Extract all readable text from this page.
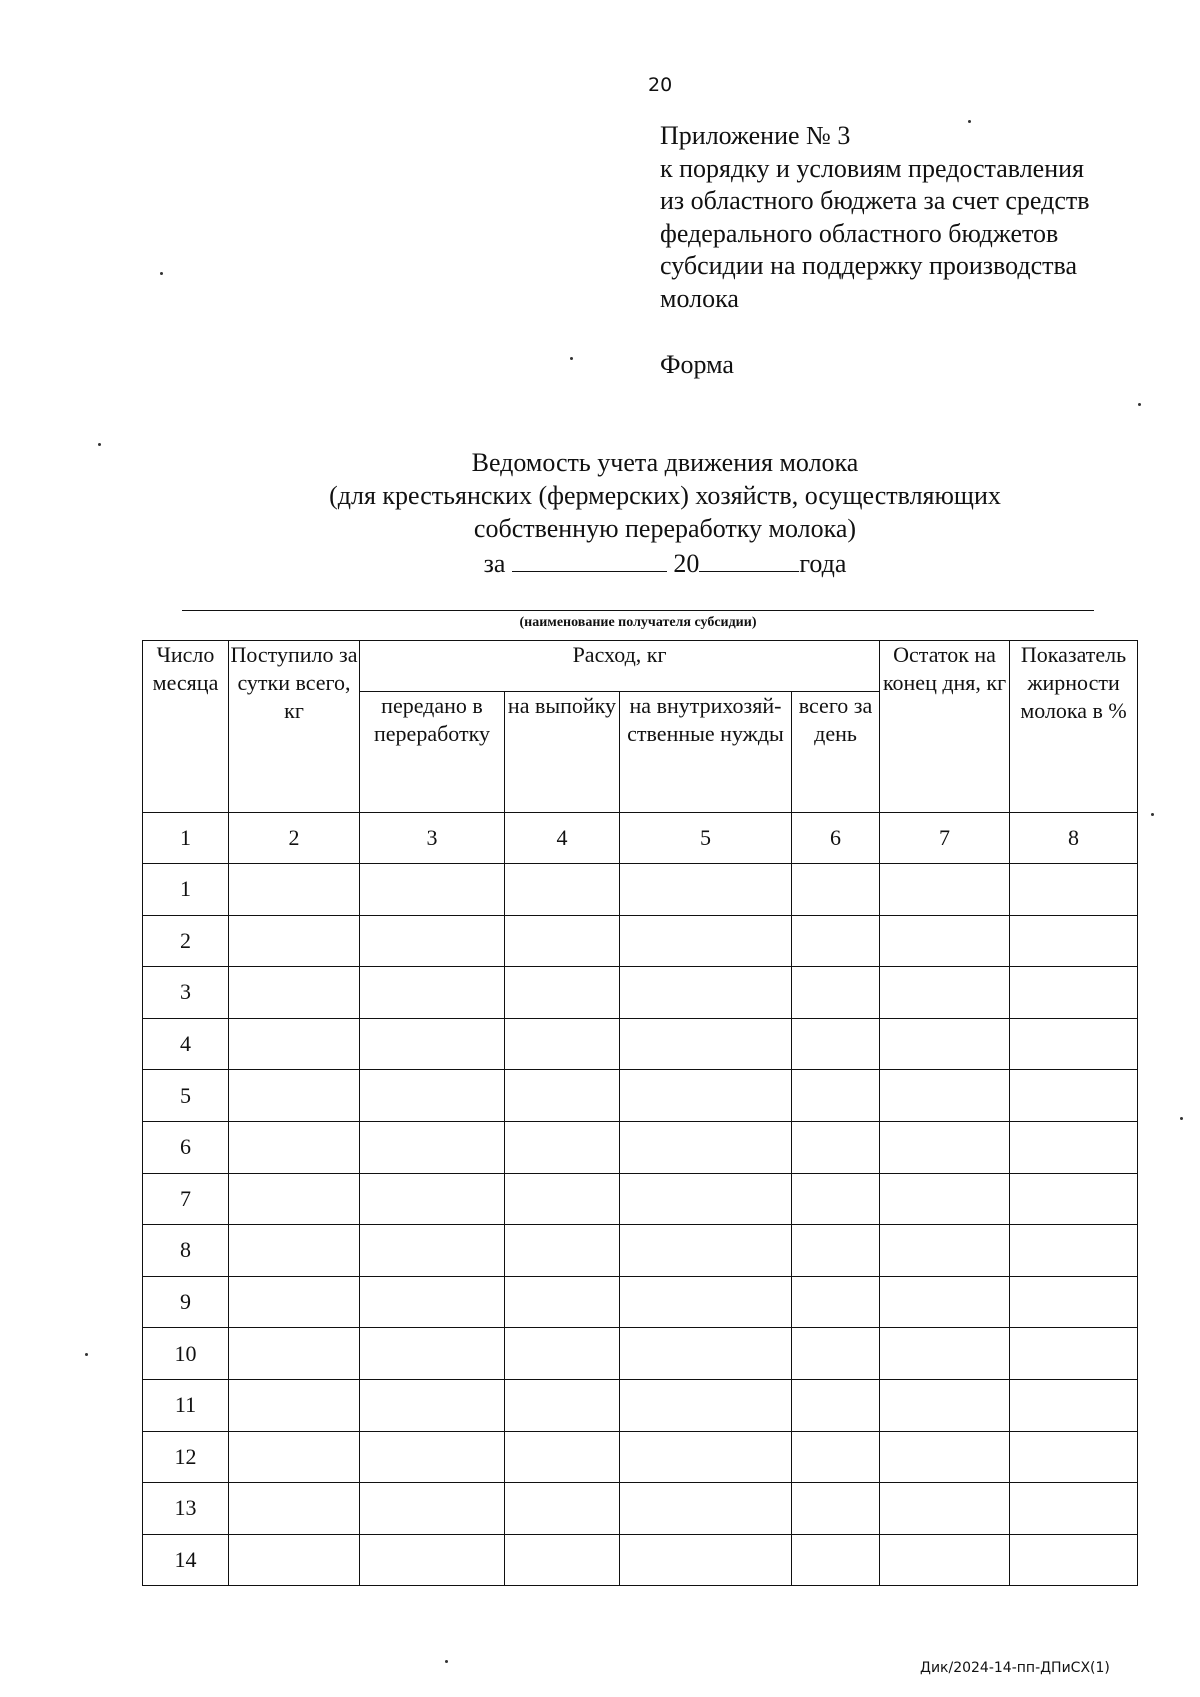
20
Приложение № 3
к порядку и условиям предоставления
из областного бюджета за счет средств
федерального областного бюджетов
субсидии на поддержку производства
молока
Форма
Ведомость учета движения молока
(для крестьянских (фермерских) хозяйств, осуществляющих
собственную переработку молока)
за	20	года
(наименование получателя субсидии)
Число месяца	Поступило за сутки всего, кг	Расход, кг				Остаток на конец дня, кг	Показатель жирности молока в %
		передано в переработку	на выпойку	на внутрихозяй-ственные нужды	всего за день		
1	2	3	4	5	6	7	8
1							
2							
3							
4							
5							
6							
7							
8							
9							
10							
11							
12							
13							
14							
Дик/2024-14-пп-ДПиСХ(1)
